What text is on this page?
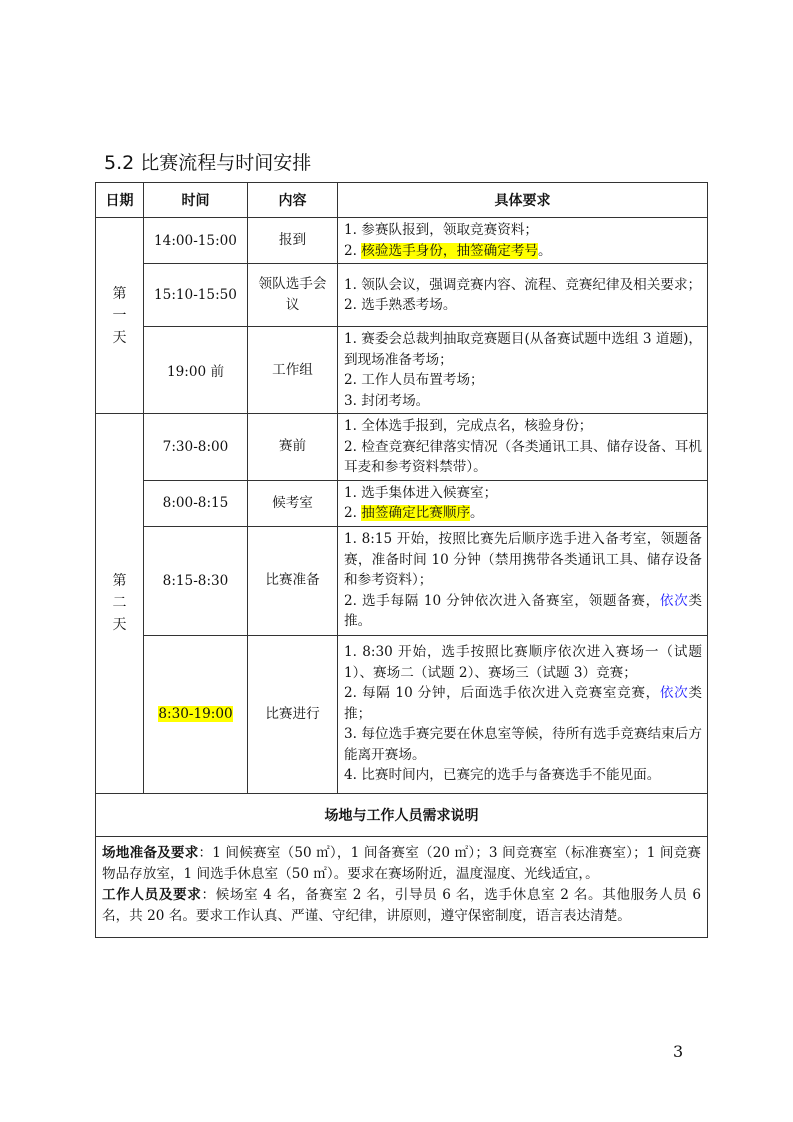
5.2 比赛流程与时间安排
日期	时间	内容	具体要求
第一天	14:00-15:00	报到	1. 参赛队报到，领取竞赛资料；
2. 核验选手身份，抽签确定考号。

	15:10-15:50	领队选手会议	1. 领队会议，强调竞赛内容、流程、竞赛纪律及相关要求；
2. 选手熟悉考场。

	19:00 前	工作组	1. 赛委会总裁判抽取竞赛题目(从备赛试题中选组 3 道题)，到现场准备考场；
2. 工作人员布置考场；
3. 封闭考场。

第二天	7:30-8:00	赛前	1. 全体选手报到，完成点名，核验身份；
2. 检查竞赛纪律落实情况（各类通讯工具、储存设备、耳机耳麦和参考资料禁带）。

	8:00-8:15	候考室	1. 选手集体进入候赛室；
2. 抽签确定比赛顺序。

	8:15-8:30	比赛准备	1. 8:15 开始，按照比赛先后顺序选手进入备考室，领题备赛，准备时间 10 分钟（禁用携带各类通讯工具、储存设备和参考资料）；
2. 选手每隔 10 分钟依次进入备赛室，领题备赛，依次类推。

	8:30-19:00	比赛进行	1. 8:30 开始，选手按照比赛顺序依次进入赛场一（试题 1）、赛场二（试题 2）、赛场三（试题 3）竞赛；
2. 每隔 10 分钟，后面选手依次进入竞赛室竞赛，依次类推；
3. 每位选手赛完要在休息室等候，待所有选手竞赛结束后方能离开赛场。
4. 比赛时间内，已赛完的选手与备赛选手不能见面。

场地与工作人员需求说明			

场地准备及要求：1 间候赛室（50 ㎡），1 间备赛室（20 ㎡）；3 间竞赛室（标准赛室）；1 间竞赛物品存放室，1 间选手休息室（50 ㎡）。要求在赛场附近，温度湿度、光线适宜，。
工作人员及要求：候场室 4 名，备赛室 2 名，引导员 6 名，选手休息室 2 名。其他服务人员 6 名，共 20 名。要求工作认真、严谨、守纪律，讲原则，遵守保密制度，语言表达清楚。			
3
